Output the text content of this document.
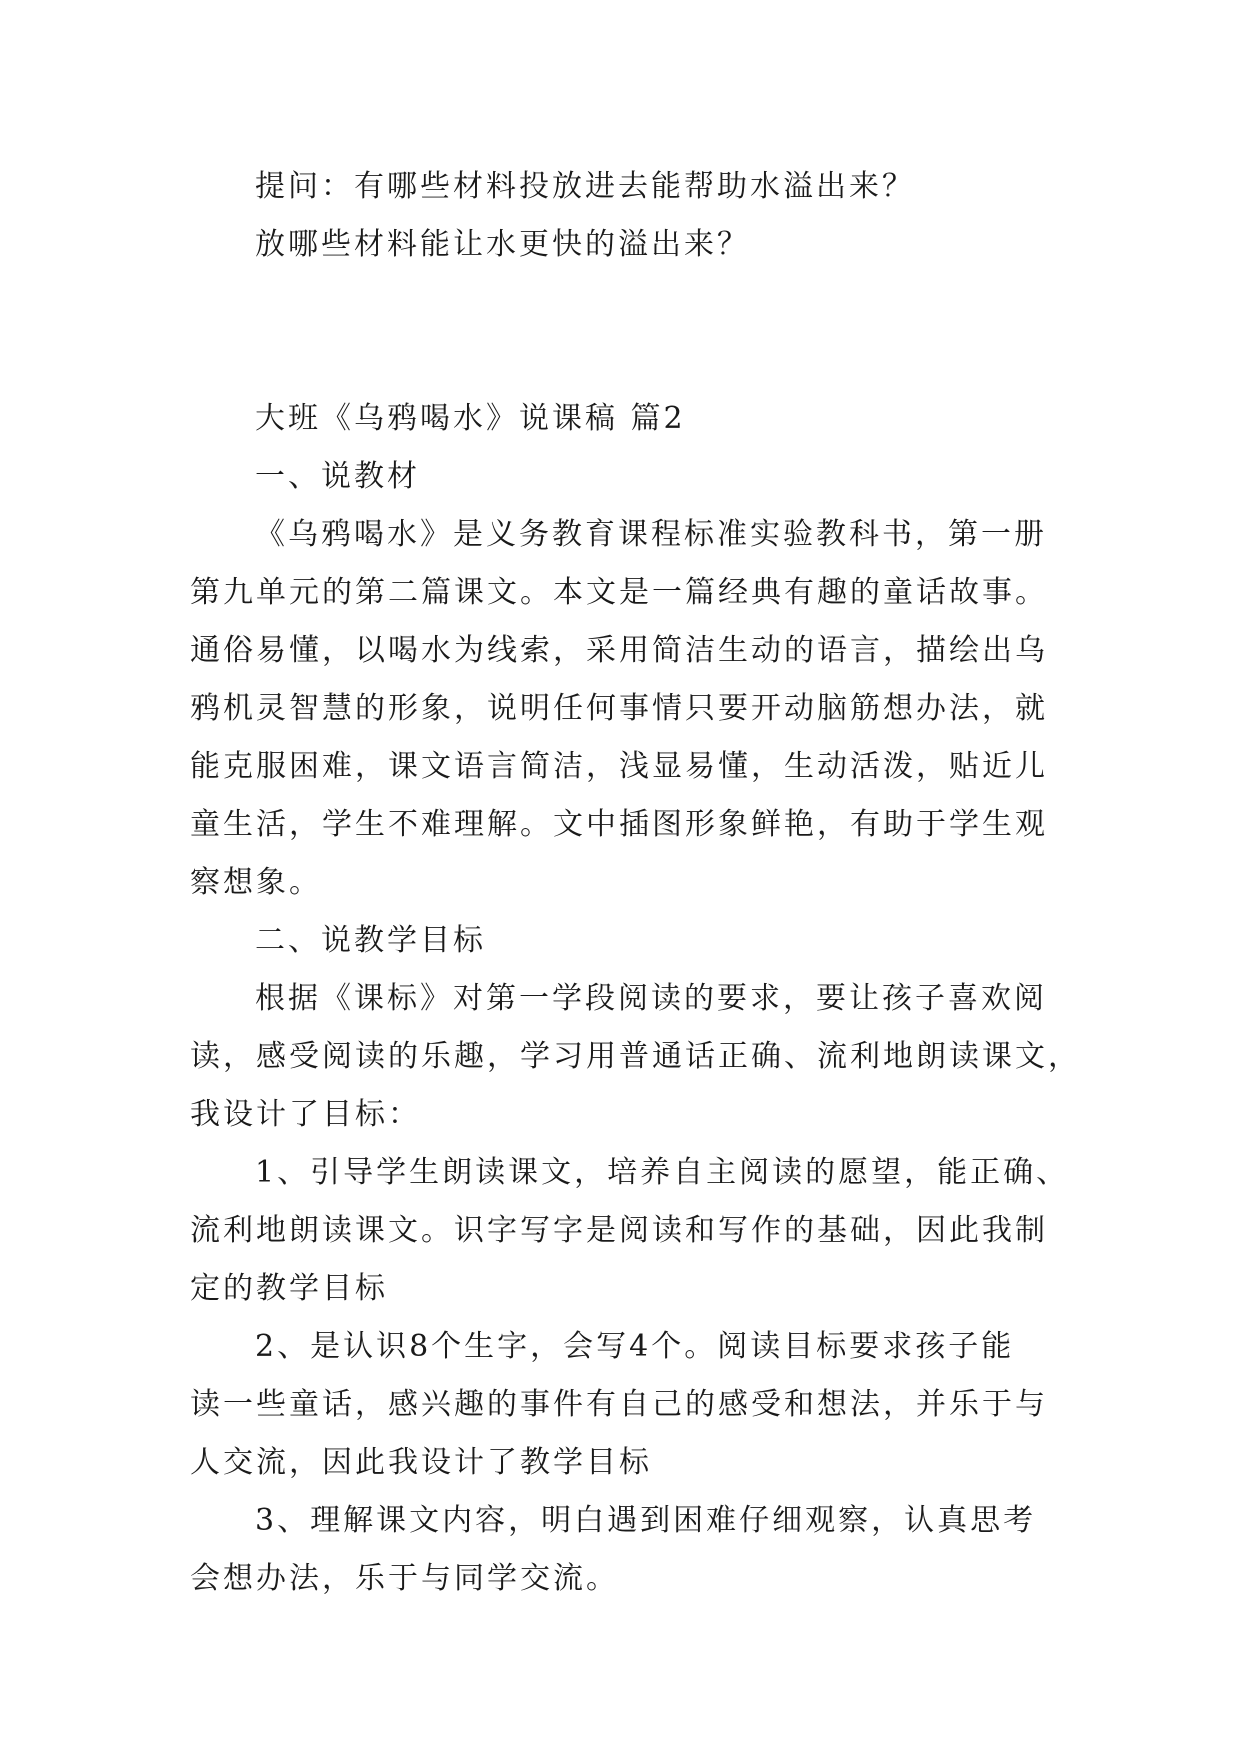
提问：有哪些材料投放进去能帮助水溢出来？
放哪些材料能让水更快的溢出来？
大班《乌鸦喝水》说课稿 篇2
一、说教材
《乌鸦喝水》是义务教育课程标准实验教科书，第一册
第九单元的第二篇课文。本文是一篇经典有趣的童话故事。
通俗易懂，以喝水为线索，采用简洁生动的语言，描绘出乌
鸦机灵智慧的形象，说明任何事情只要开动脑筋想办法，就
能克服困难，课文语言简洁，浅显易懂，生动活泼，贴近儿
童生活，学生不难理解。文中插图形象鲜艳，有助于学生观
察想象。
二、说教学目标
根据《课标》对第一学段阅读的要求，要让孩子喜欢阅
读，感受阅读的乐趣，学习用普通话正确、流利地朗读课文，
我设计了目标：
1、引导学生朗读课文，培养自主阅读的愿望，能正确、
流利地朗读课文。识字写字是阅读和写作的基础，因此我制
定的教学目标
2、是认识8个生字，会写4个。阅读目标要求孩子能
读一些童话，感兴趣的事件有自己的感受和想法，并乐于与
人交流，因此我设计了教学目标
3、理解课文内容，明白遇到困难仔细观察，认真思考
会想办法，乐于与同学交流。
